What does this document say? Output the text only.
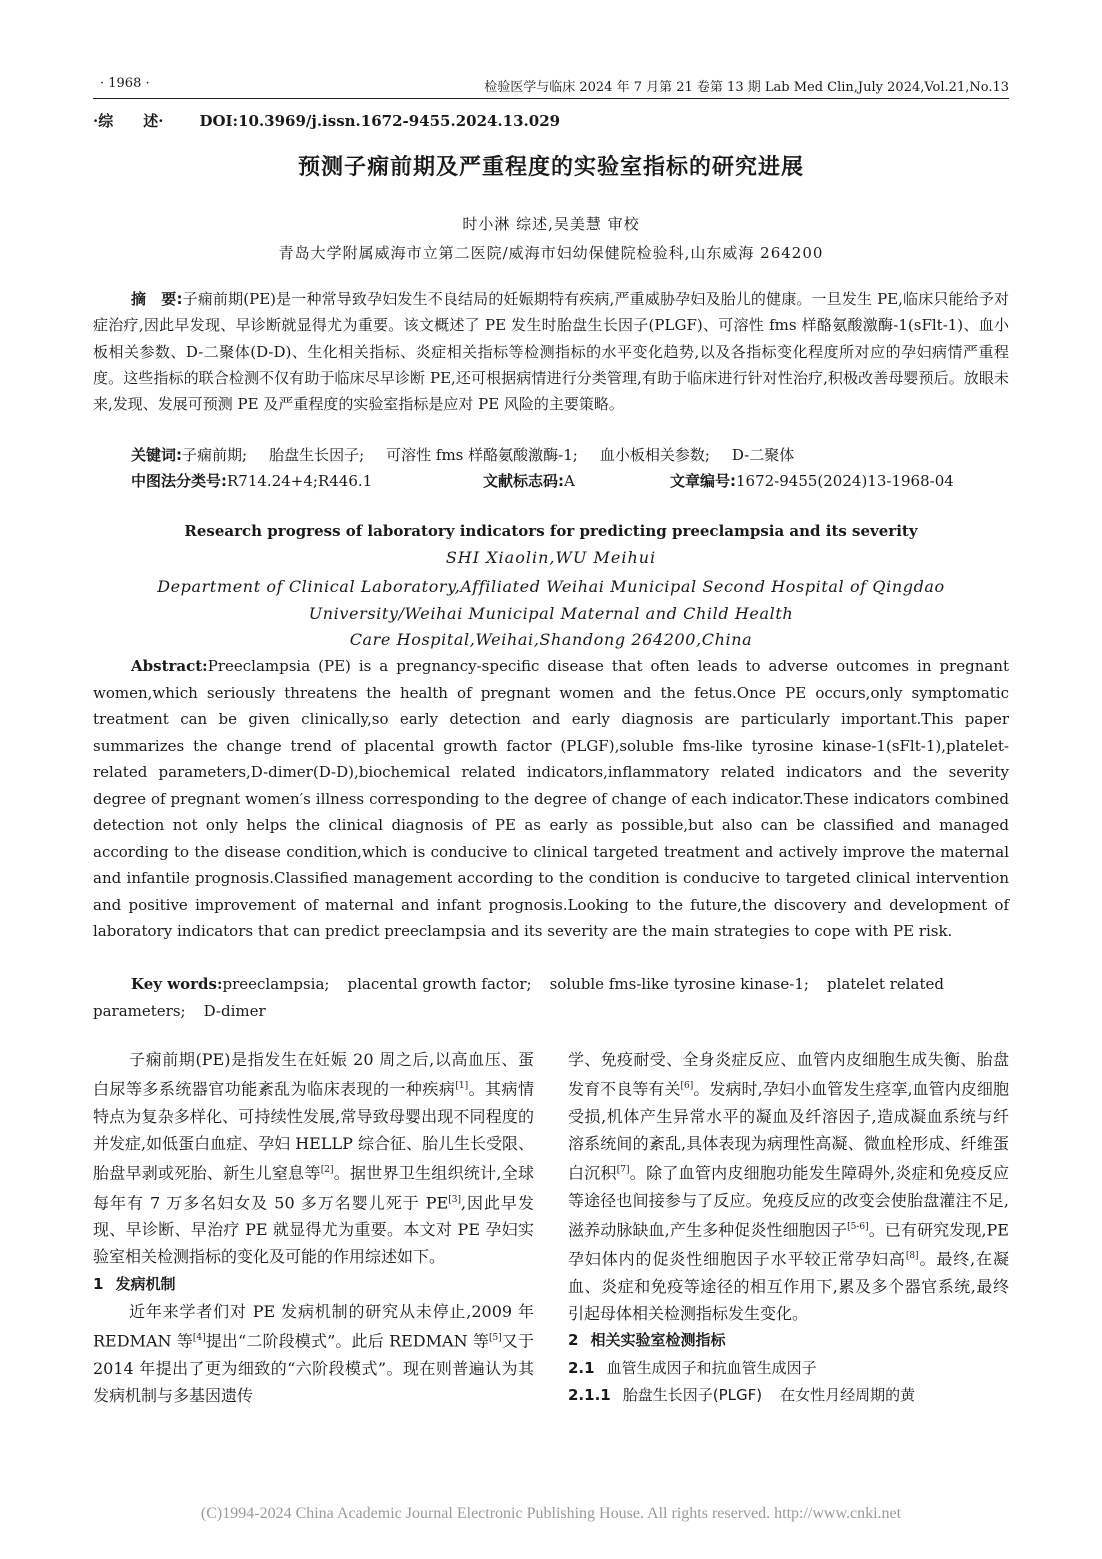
· 1968 ·	检验医学与临床 2024 年 7 月第 21 卷第 13 期 Lab Med Clin,July 2024,Vol.21,No.13
·综　　述· DOI:10.3969/j.issn.1672-9455.2024.13.029
预测子痫前期及严重程度的实验室指标的研究进展
时小淋 综述,吴美慧 审校
青岛大学附属威海市立第二医院/威海市妇幼保健院检验科,山东威海 264200
摘　要:子痫前期(PE)是一种常导致孕妇发生不良结局的妊娠期特有疾病,严重威胁孕妇及胎儿的健康。一旦发生 PE,临床只能给予对症治疗,因此早发现、早诊断就显得尤为重要。该文概述了 PE 发生时胎盘生长因子(PLGF)、可溶性 fms 样酪氨酸激酶-1(sFlt-1)、血小板相关参数、D-二聚体(D-D)、生化相关指标、炎症相关指标等检测指标的水平变化趋势,以及各指标变化程度所对应的孕妇病情严重程度。这些指标的联合检测不仅有助于临床尽早诊断 PE,还可根据病情进行分类管理,有助于临床进行针对性治疗,积极改善母婴预后。放眼未来,发现、发展可预测 PE 及严重程度的实验室指标是应对 PE 风险的主要策略。
关键词:子痫前期; 胎盘生长因子; 可溶性 fms 样酪氨酸激酶-1; 血小板相关参数; D-二聚体
中图法分类号:R714.24+4;R446.1	文献标志码:A	文章编号:1672-9455(2024)13-1968-04
Research progress of laboratory indicators for predicting preeclampsia and its severity
SHI Xiaolin,WU Meihui
Department of Clinical Laboratory,Affiliated Weihai Municipal Second Hospital of Qingdao
University/Weihai Municipal Maternal and Child Health
Care Hospital,Weihai,Shandong 264200,China
Abstract:Preeclampsia (PE) is a pregnancy-specific disease that often leads to adverse outcomes in pregnant women,which seriously threatens the health of pregnant women and the fetus.Once PE occurs,only symptomatic treatment can be given clinically,so early detection and early diagnosis are particularly important.This paper summarizes the change trend of placental growth factor (PLGF),soluble fms-like tyrosine kinase-1(sFlt-1),platelet-related parameters,D-dimer(D-D),biochemical related indicators,inflammatory related indicators and the severity degree of pregnant women′s illness corresponding to the degree of change of each indicator.These indicators combined detection not only helps the clinical diagnosis of PE as early as possible,but also can be classified and managed according to the disease condition,which is conducive to clinical targeted treatment and actively improve the maternal and infantile prognosis.Classified management according to the condition is conducive to targeted clinical intervention and positive improvement of maternal and infant prognosis.Looking to the future,the discovery and development of laboratory indicators that can predict preeclampsia and its severity are the main strategies to cope with PE risk.
Key words:preeclampsia; placental growth factor; soluble fms-like tyrosine kinase-1; platelet related parameters; D-dimer

子痫前期(PE)是指发生在妊娠 20 周之后,以高血压、蛋白尿等多系统器官功能紊乱为临床表现的一种疾病[1]。其病情特点为复杂多样化、可持续性发展,常导致母婴出现不同程度的并发症,如低蛋白血症、孕妇 HELLP 综合征、胎儿生长受限、胎盘早剥或死胎、新生儿窒息等[2]。据世界卫生组织统计,全球每年有 7 万多名妇女及 50 多万名婴儿死于 PE[3],因此早发现、早诊断、早治疗 PE 就显得尤为重要。本文对 PE 孕妇实验室相关检测指标的变化及可能的作用综述如下。

1 发病机制

近年来学者们对 PE 发病机制的研究从未停止,2009 年 REDMAN 等[4]提出“二阶段模式”。此后 REDMAN 等[5]又于 2014 年提出了更为细致的“六阶段模式”。现在则普遍认为其发病机制与多基因遗传

学、免疫耐受、全身炎症反应、血管内皮细胞生成失衡、胎盘发育不良等有关[6]。发病时,孕妇小血管发生痉挛,血管内皮细胞受损,机体产生异常水平的凝血及纤溶因子,造成凝血系统与纤溶系统间的紊乱,具体表现为病理性高凝、微血栓形成、纤维蛋白沉积[7]。除了血管内皮细胞功能发生障碍外,炎症和免疫反应等途径也间接参与了反应。免疫反应的改变会使胎盘灌注不足,滋养动脉缺血,产生多种促炎性细胞因子[5-6]。已有研究发现,PE 孕妇体内的促炎性细胞因子水平较正常孕妇高[8]。最终,在凝血、炎症和免疫等途径的相互作用下,累及多个器官系统,最终引起母体相关检测指标发生变化。

2 相关实验室检测指标
2.1 血管生成因子和抗血管生成因子
2.1.1 胎盘生长因子(PLGF) 在女性月经周期的黄
(C)1994-2024 China Academic Journal Electronic Publishing House. All rights reserved. http://www.cnki.net
